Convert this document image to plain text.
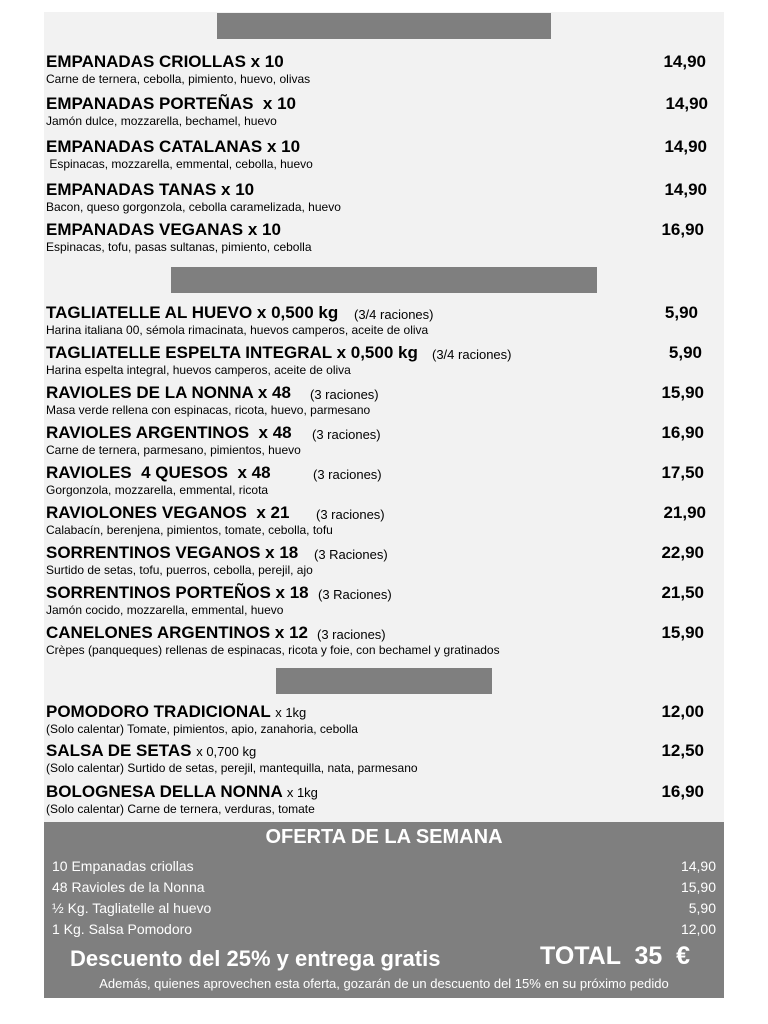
EMPANADAS CRIOLLAS x 10
Carne de ternera, cebolla, pimiento, huevo, olivas
14,90
EMPANADAS PORTEÑAS  x 10
Jamón dulce, mozzarella, bechamel, huevo
14,90
EMPANADAS CATALANAS x 10
Espinacas, mozzarella, emmental, cebolla, huevo
14,90
EMPANADAS TANAS x 10
Bacon, queso gorgonzola, cebolla caramelizada, huevo
14,90
EMPANADAS VEGANAS x 10
Espinacas, tofu, pasas sultanas, pimiento, cebolla
16,90
TAGLIATELLE AL HUEVO x 0,500 kg (3/4 raciones)
Harina italiana 00, sémola rimacinata, huevos camperos, aceite de oliva
5,90
TAGLIATELLE ESPELTA INTEGRAL x 0,500 kg (3/4 raciones)
Harina espelta integral, huevos camperos, aceite de oliva
5,90
RAVIOLES DE LA NONNA x 48 (3 raciones)
Masa verde rellena con espinacas, ricota, huevo, parmesano
15,90
RAVIOLES ARGENTINOS  x 48 (3 raciones)
Carne de ternera, parmesano, pimientos, huevo
16,90
RAVIOLES  4 QUESOS  x 48	(3 raciones)
Gorgonzola, mozzarella, emmental, ricota
17,50
RAVIOLONES VEGANOS  x 21 (3 raciones)
Calabacín, berenjena, pimientos, tomate, cebolla, tofu
21,90
SORRENTINOS VEGANOS x 18 (3 Raciones)
Surtido de setas, tofu, puerros, cebolla, perejil, ajo
22,90
SORRENTINOS PORTEÑOS x 18 (3 Raciones)
Jamón cocido, mozzarella, emmental, huevo
21,50
CANELONES ARGENTINOS x 12 (3 raciones)
Crèpes (panqueques) rellenas de espinacas, ricota y foie, con bechamel y gratinados
15,90
POMODORO TRADICIONAL x 1kg
(Solo calentar) Tomate, pimientos, apio, zanahoria, cebolla
12,00
SALSA DE SETAS x 0,700 kg
(Solo calentar) Surtido de setas, perejil, mantequilla, nata, parmesano
12,50
BOLOGNESA DELLA NONNA x 1kg
(Solo calentar) Carne de ternera, verduras, tomate
16,90
OFERTA DE LA SEMANA
10 Empanadas criollas	14,90
48 Ravioles de la Nonna	15,90
½ Kg. Tagliatelle al huevo	5,90
1 Kg. Salsa Pomodoro	12,00
Descuento del 25% y entrega gratis	TOTAL  35  €
Además, quienes aprovechen esta oferta, gozarán de un descuento del 15% en su próximo pedido
